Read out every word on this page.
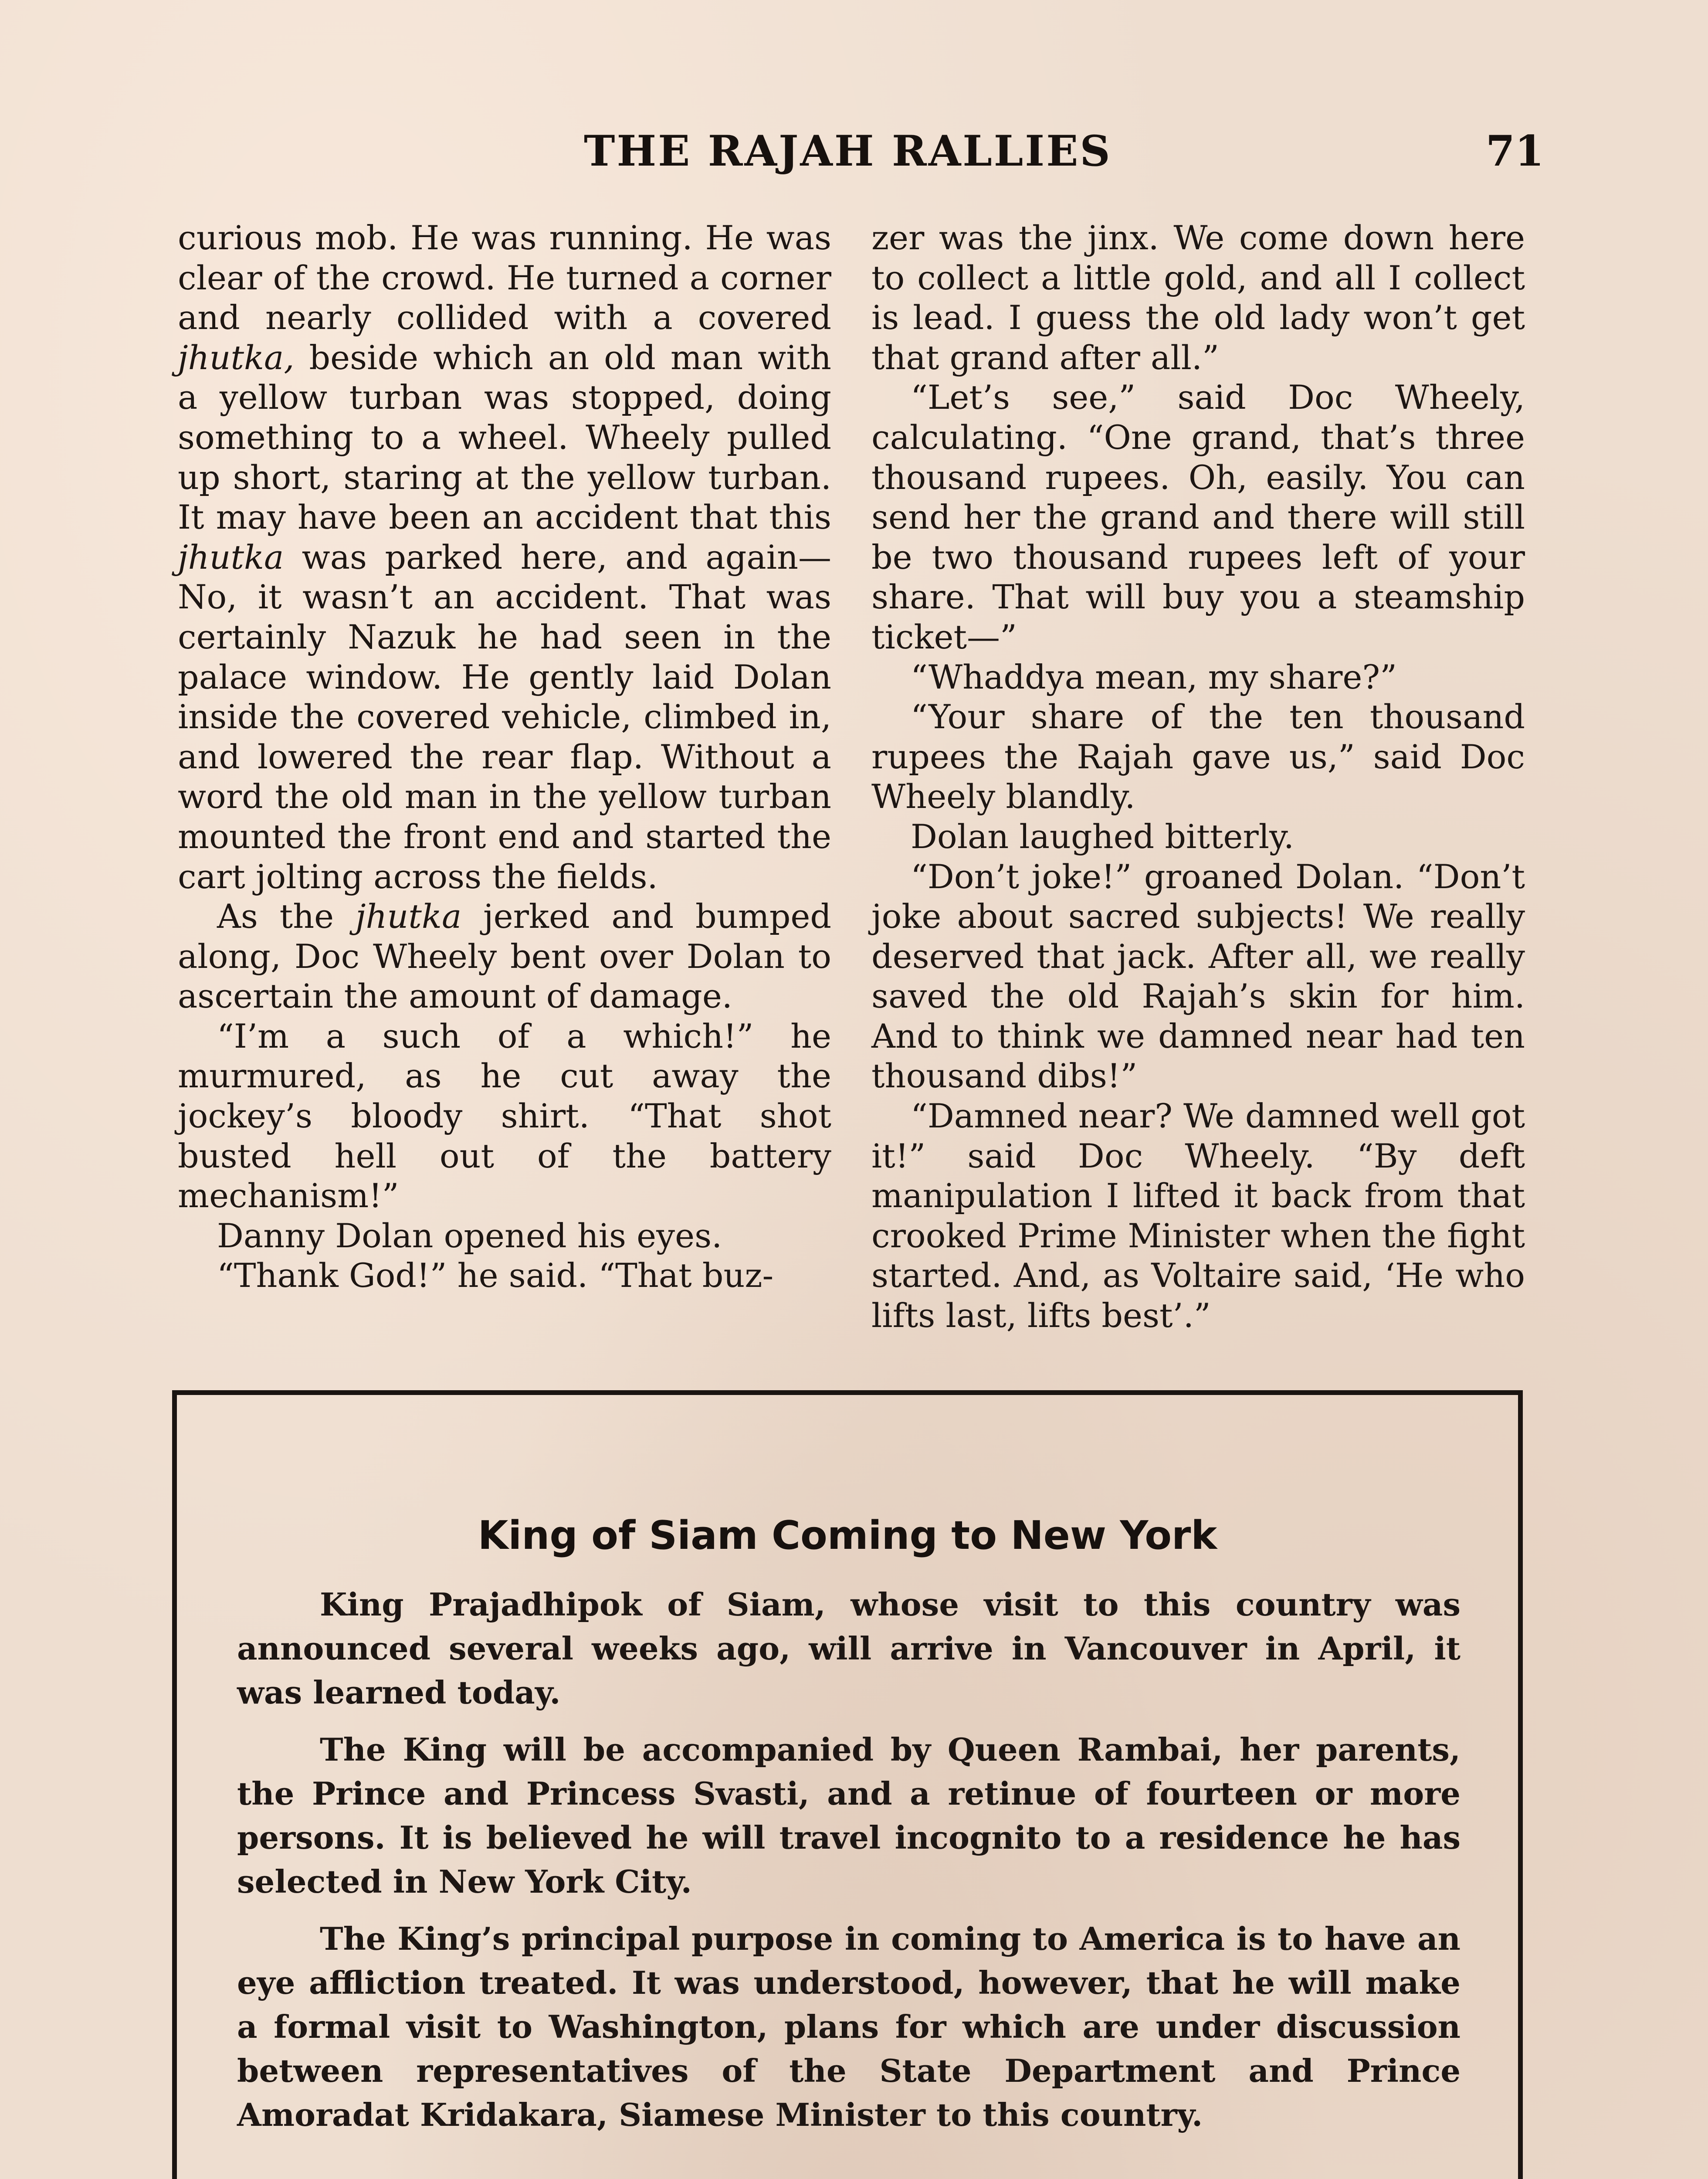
THE RAJAH RALLIES	71

curious mob. He was running. He was clear of the crowd. He turned a corner and nearly collided with a covered jhutka, beside which an old man with a yellow turban was stopped, doing something to a wheel. Wheely pulled up short, staring at the yellow turban. It may have been an accident that this jhutka was parked here, and again— No, it wasn’t an accident. That was certainly Nazuk he had seen in the palace window. He gently laid Dolan inside the covered vehicle, climbed in, and lowered the rear flap. Without a word the old man in the yellow turban mounted the front end and started the cart jolting across the fields.

As the jhutka jerked and bumped along, Doc Wheely bent over Dolan to ascertain the amount of damage.

“I’m a such of a which!” he murmured, as he cut away the jockey’s bloody shirt. “That shot busted hell out of the battery mechanism!”

Danny Dolan opened his eyes.

“Thank God!” he said. “That buz-

zer was the jinx. We come down here to collect a little gold, and all I collect is lead. I guess the old lady won’t get that grand after all.”

“Let’s see,” said Doc Wheely, calculating. “One grand, that’s three thousand rupees. Oh, easily. You can send her the grand and there will still be two thousand rupees left of your share. That will buy you a steamship ticket—”

“Whaddya mean, my share?”

“Your share of the ten thousand rupees the Rajah gave us,” said Doc Wheely blandly.

Dolan laughed bitterly.

“Don’t joke!” groaned Dolan. “Don’t joke about sacred subjects! We really deserved that jack. After all, we really saved the old Rajah’s skin for him. And to think we damned near had ten thousand dibs!”

“Damned near? We damned well got it!” said Doc Wheely. “By deft manipulation I lifted it back from that crooked Prime Minister when the fight started. And, as Voltaire said, ‘He who lifts last, lifts best’.”

King of Siam Coming to New York

King Prajadhipok of Siam, whose visit to this country was announced several weeks ago, will arrive in Vancouver in April, it was learned today.

The King will be accompanied by Queen Rambai, her parents, the Prince and Princess Svasti, and a retinue of fourteen or more persons. It is believed he will travel incognito to a residence he has selected in New York City.

The King’s principal purpose in coming to America is to have an eye affliction treated. It was understood, however, that he will make a formal visit to Washington, plans for which are under discussion between representatives of the State Department and Prince Amoradat Kridakara, Siamese Minister to this country.
